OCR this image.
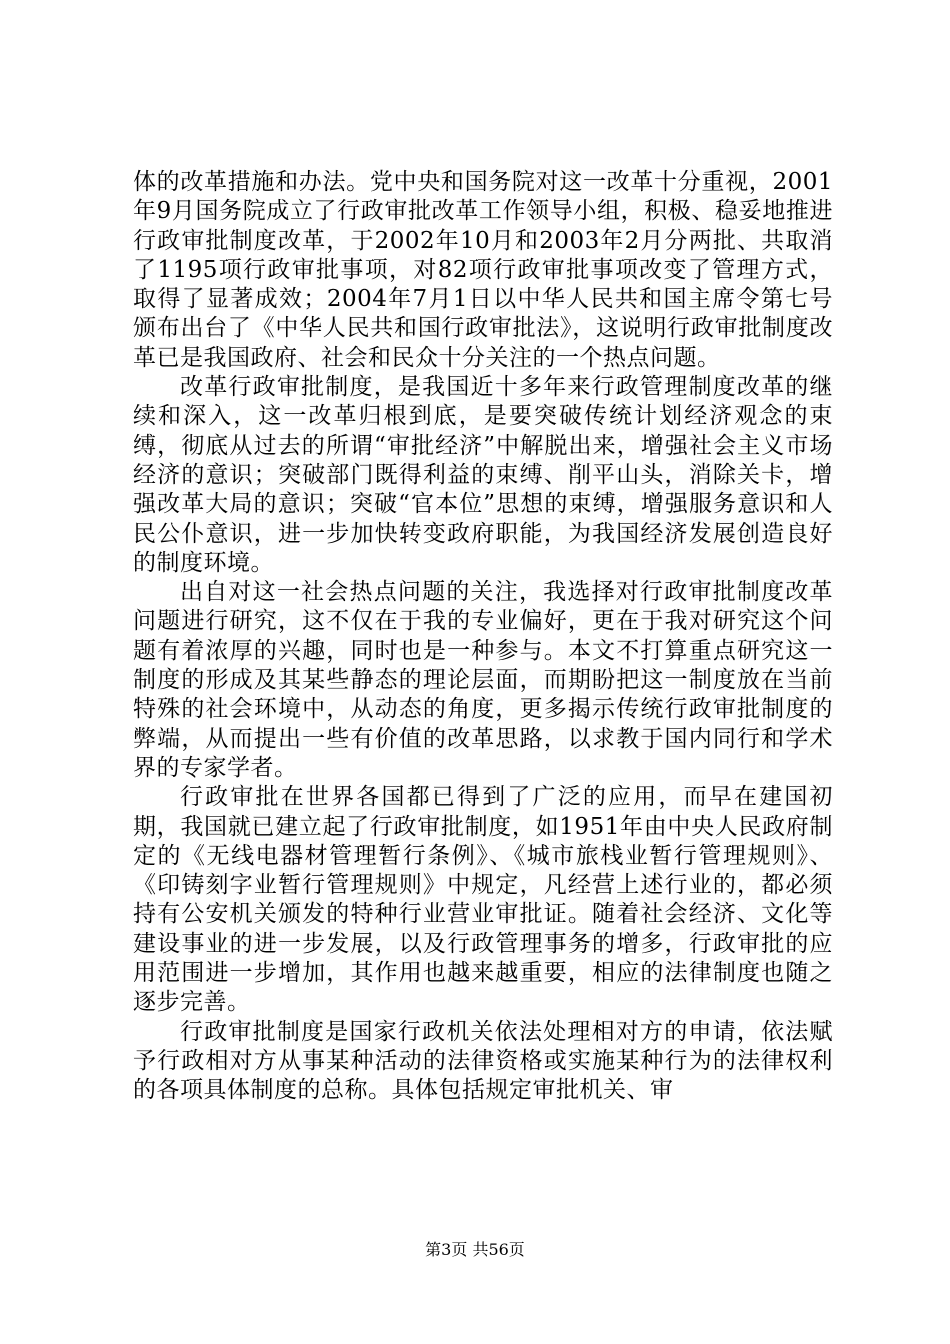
体的改革措施和办法。党中央和国务院对这一改革十分重视，2001年9月国务院成立了行政审批改革工作领导小组，积极、稳妥地推进行政审批制度改革，于2002年10月和2003年2月分两批、共取消了1195项行政审批事项，对82项行政审批事项改变了管理方式，取得了显著成效；2004年7月1日以中华人民共和国主席令第七号颁布出台了《中华人民共和国行政审批法》，这说明行政审批制度改革已是我国政府、社会和民众十分关注的一个热点问题。

改革行政审批制度，是我国近十多年来行政管理制度改革的继续和深入，这一改革归根到底，是要突破传统计划经济观念的束缚，彻底从过去的所谓“审批经济”中解脱出来，增强社会主义市场经济的意识；突破部门既得利益的束缚、削平山头，消除关卡，增强改革大局的意识；突破“官本位”思想的束缚，增强服务意识和人民公仆意识，进一步加快转变政府职能，为我国经济发展创造良好的制度环境。

出自对这一社会热点问题的关注，我选择对行政审批制度改革问题进行研究，这不仅在于我的专业偏好，更在于我对研究这个问题有着浓厚的兴趣，同时也是一种参与。本文不打算重点研究这一制度的形成及其某些静态的理论层面，而期盼把这一制度放在当前特殊的社会环境中，从动态的角度，更多揭示传统行政审批制度的弊端，从而提出一些有价值的改革思路，以求教于国内同行和学术界的专家学者。

行政审批在世界各国都已得到了广泛的应用，而早在建国初期，我国就已建立起了行政审批制度，如1951年由中央人民政府制定的《无线电器材管理暂行条例》、《城市旅栈业暂行管理规则》、《印铸刻字业暂行管理规则》中规定，凡经营上述行业的，都必须持有公安机关颁发的特种行业营业审批证。随着社会经济、文化等建设事业的进一步发展，以及行政管理事务的增多，行政审批的应用范围进一步增加，其作用也越来越重要，相应的法律制度也随之逐步完善。

行政审批制度是国家行政机关依法处理相对方的申请，依法赋予行政相对方从事某种活动的法律资格或实施某种行为的法律权利的各项具体制度的总称。具体包括规定审批机关、审

第3页 共56页
